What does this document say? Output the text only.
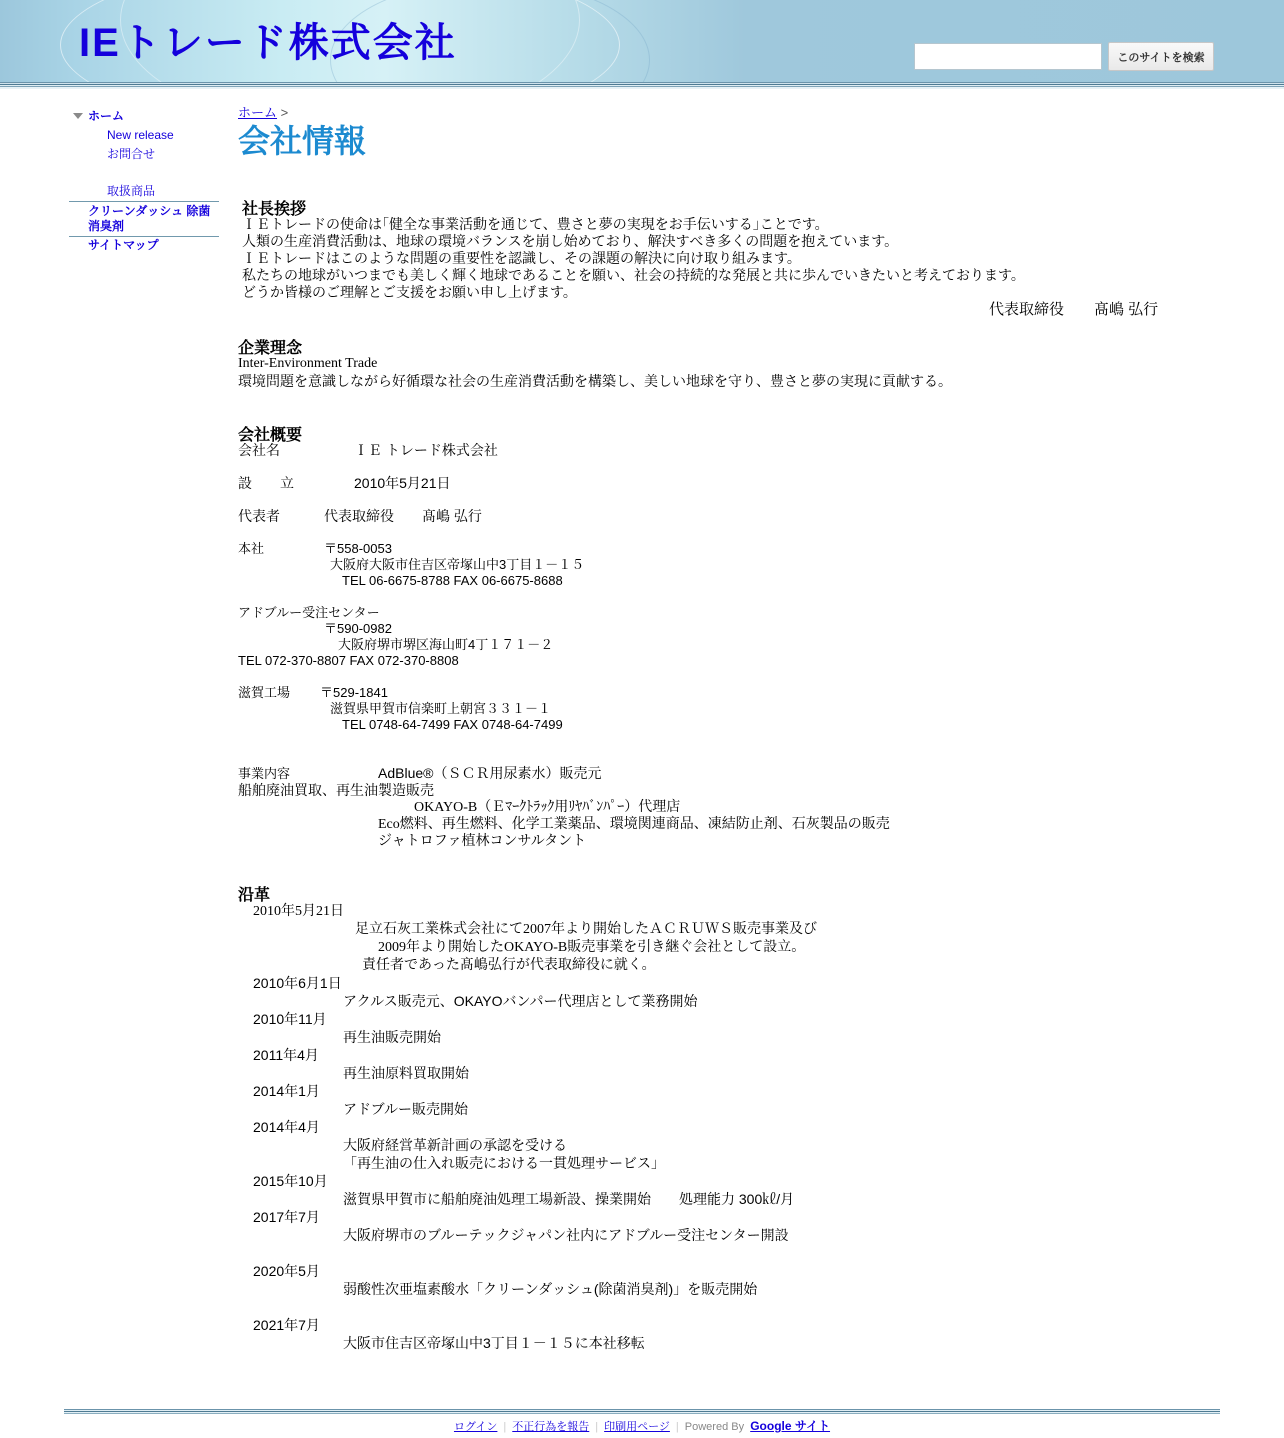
IEトレード株式会社	このサイトを検索
ホーム
New release
お問合せ
取扱商品
クリーンダッシュ 除菌消臭剤
サイトマップ
ホーム >
会社情報
社長挨拶
ＩＥトレードの使命は｢健全な事業活動を通じて、豊さと夢の実現をお手伝いする｣ことです。
人類の生産消費活動は、地球の環境バランスを崩し始めており、解決すべき多くの問題を抱えています。
ＩＥトレードはこのような問題の重要性を認識し、その課題の解決に向け取り組みます。
私たちの地球がいつまでも美しく輝く地球であることを願い、社会の持続的な発展と共に歩んでいきたいと考えております。
どうか皆様のご理解とご支援をお願い申し上げます。
代表取締役　　髙嶋 弘行
企業理念
Inter-Environment Trade
環境問題を意識しながら好循環な社会の生産消費活動を構築し、美しい地球を守り、豊さと夢の実現に貢献する。
会社概要
会社名	ＩＥ トレード株式会社
設　　立	2010年5月21日
代表者	代表取締役　　髙嶋 弘行
本社	〒558-0053
大阪府大阪市住吉区帝塚山中3丁目１－１５
TEL 06-6675-8788 FAX 06-6675-8688
アドブルー受注センター
〒590-0982
大阪府堺市堺区海山町4丁１７１－２
TEL 072-370-8807 FAX 072-370-8808
滋賀工場 〒529-1841
滋賀県甲賀市信楽町上朝宮３３１－１
TEL 0748-64-7499 FAX 0748-64-7499
事業内容	AdBlue®（ＳＣＲ用尿素水）販売元
船舶廃油買取、再生油製造販売
OKAYO-B（Ｅﾏｰｸﾄﾗｯｸ用ﾘﾔﾊﾞﾝﾊﾟｰ）代理店
Eco燃料、再生燃料、化学工業薬品、環境関連商品、凍結防止剤、石灰製品の販売
ジャトロファ植林コンサルタント
沿革
2010年5月21日
足立石灰工業株式会社にて2007年より開始したＡＣＲＵＷＳ販売事業及び
2009年より開始したOKAYO-B販売事業を引き継ぐ会社として設立。
責任者であった髙嶋弘行が代表取締役に就く。
2010年6月1日
アクルス販売元、OKAYOバンパー代理店として業務開始
2010年11月
再生油販売開始
2011年4月
再生油原料買取開始
2014年1月
アドブルー販売開始
2014年4月
大阪府経営革新計画の承認を受ける
「再生油の仕入れ販売における一貫処理サービス」
2015年10月
滋賀県甲賀市に船舶廃油処理工場新設、操業開始　　処理能力 300㎘/月
2017年7月
大阪府堺市のブルーテックジャパン社内にアドブルー受注センター開設
2020年5月
弱酸性次亜塩素酸水「クリーンダッシュ(除菌消臭剤)」を販売開始
2021年7月
大阪市住吉区帝塚山中3丁目１－１５に本社移転
ログイン | 不正行為を報告 | 印刷用ページ | Powered By Google サイト
